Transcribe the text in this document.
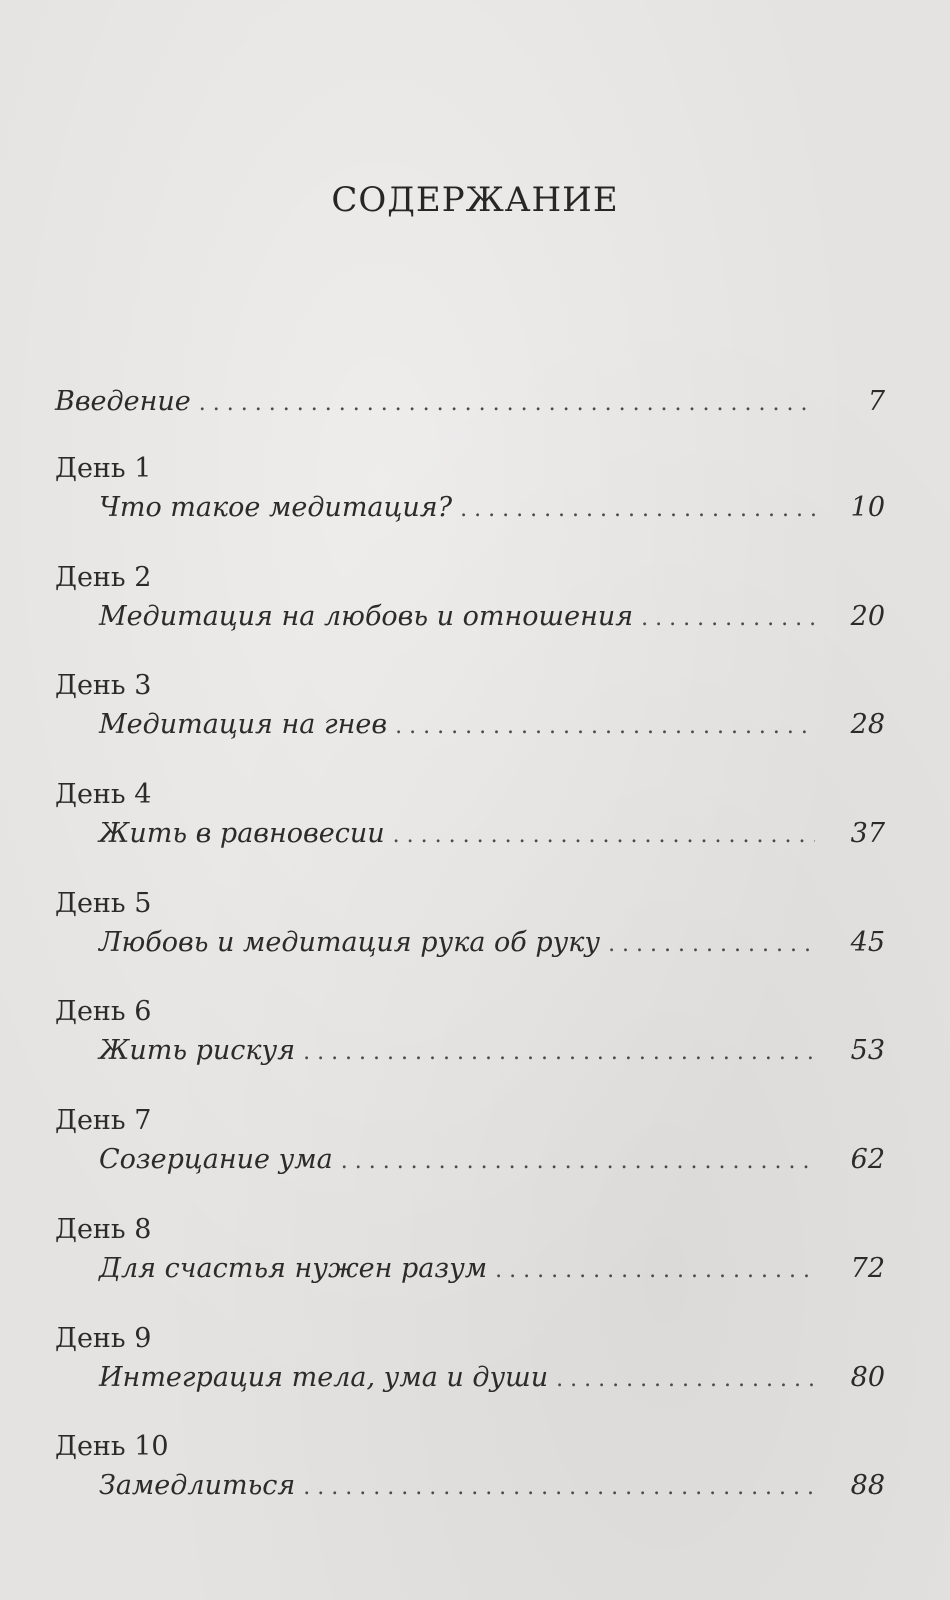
СОДЕРЖАНИЕ
Введение .....	7
День 1
Что такое медитация? .....	10
День 2
Медитация на любовь и отношения .....	20
День 3
Медитация на гнев .....	28
День 4
Жить в равновесии .....	37
День 5
Любовь и медитация рука об руку .....	45
День 6
Жить рискуя .....	53
День 7
Созерцание ума .....	62
День 8
Для счастья нужен разум .....	72
День 9
Интеграция тела, ума и души .....	80
День 10
Замедлиться .....	88
